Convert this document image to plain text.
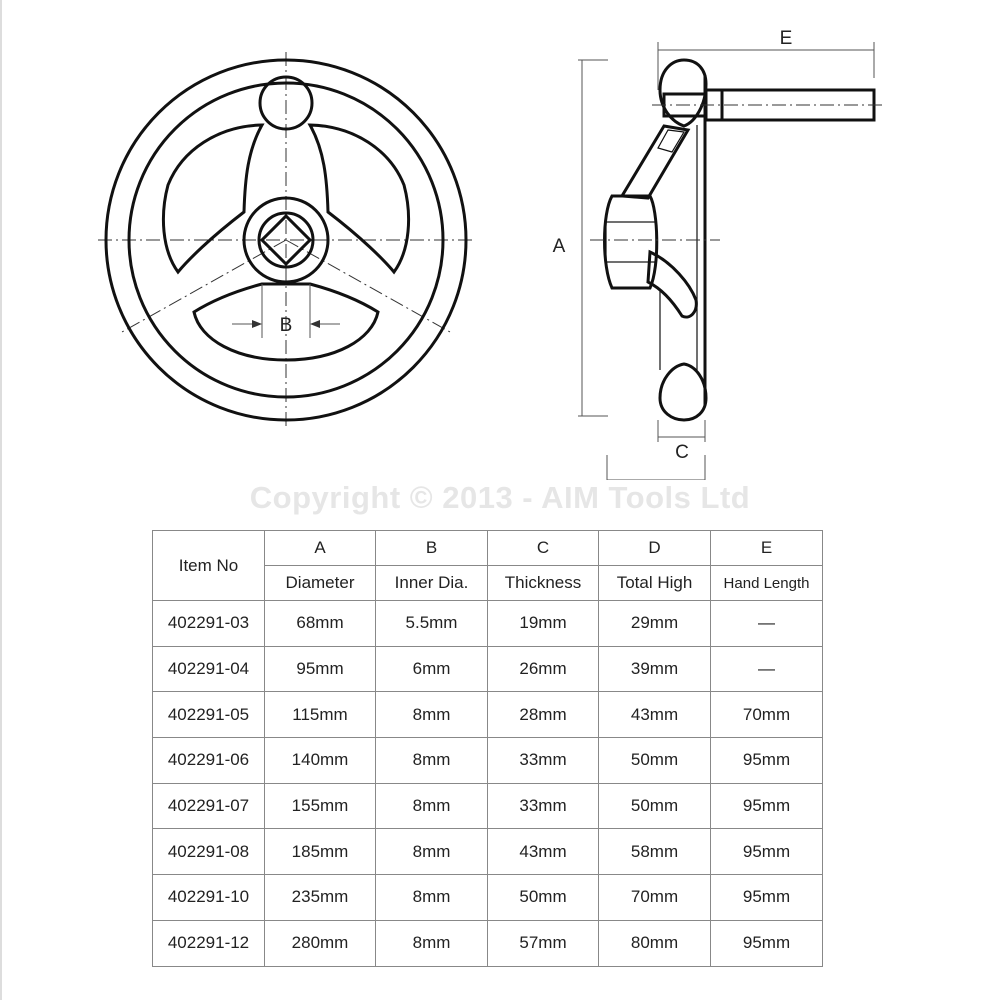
B
A
E
C
Copyright © 2013 - AIM Tools Ltd
Item No	A	B	C	D	E
	Diameter	Inner Dia.	Thickness	Total High	Hand Length
402291-03	68mm	5.5mm	19mm	29mm	—
402291-04	95mm	6mm	26mm	39mm	—
402291-05	115mm	8mm	28mm	43mm	70mm
402291-06	140mm	8mm	33mm	50mm	95mm
402291-07	155mm	8mm	33mm	50mm	95mm
402291-08	185mm	8mm	43mm	58mm	95mm
402291-10	235mm	8mm	50mm	70mm	95mm
402291-12	280mm	8mm	57mm	80mm	95mm
